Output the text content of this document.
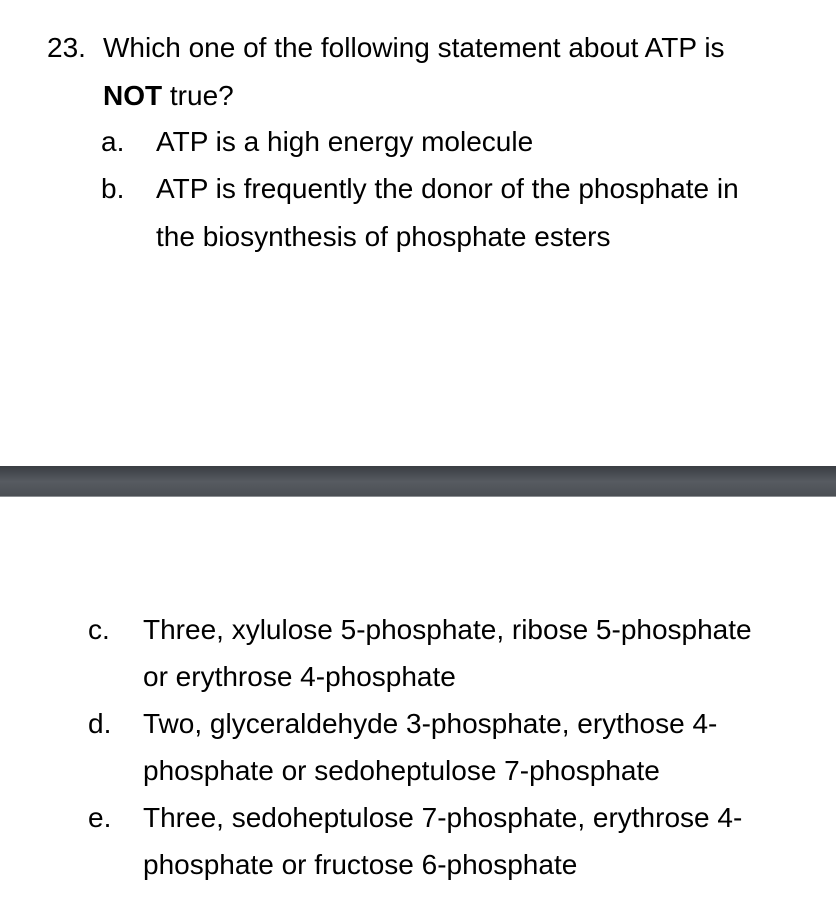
23. Which one of the following statement about ATP is
NOT true?
a. ATP is a high energy molecule
b. ATP is frequently the donor of the phosphate in
the biosynthesis of phosphate esters
c. Three, xylulose 5-phosphate, ribose 5-phosphate
or erythrose 4-phosphate
d. Two, glyceraldehyde 3-phosphate, erythose 4-
phosphate or sedoheptulose 7-phosphate
e. Three, sedoheptulose 7-phosphate, erythrose 4-
phosphate or fructose 6-phosphate
